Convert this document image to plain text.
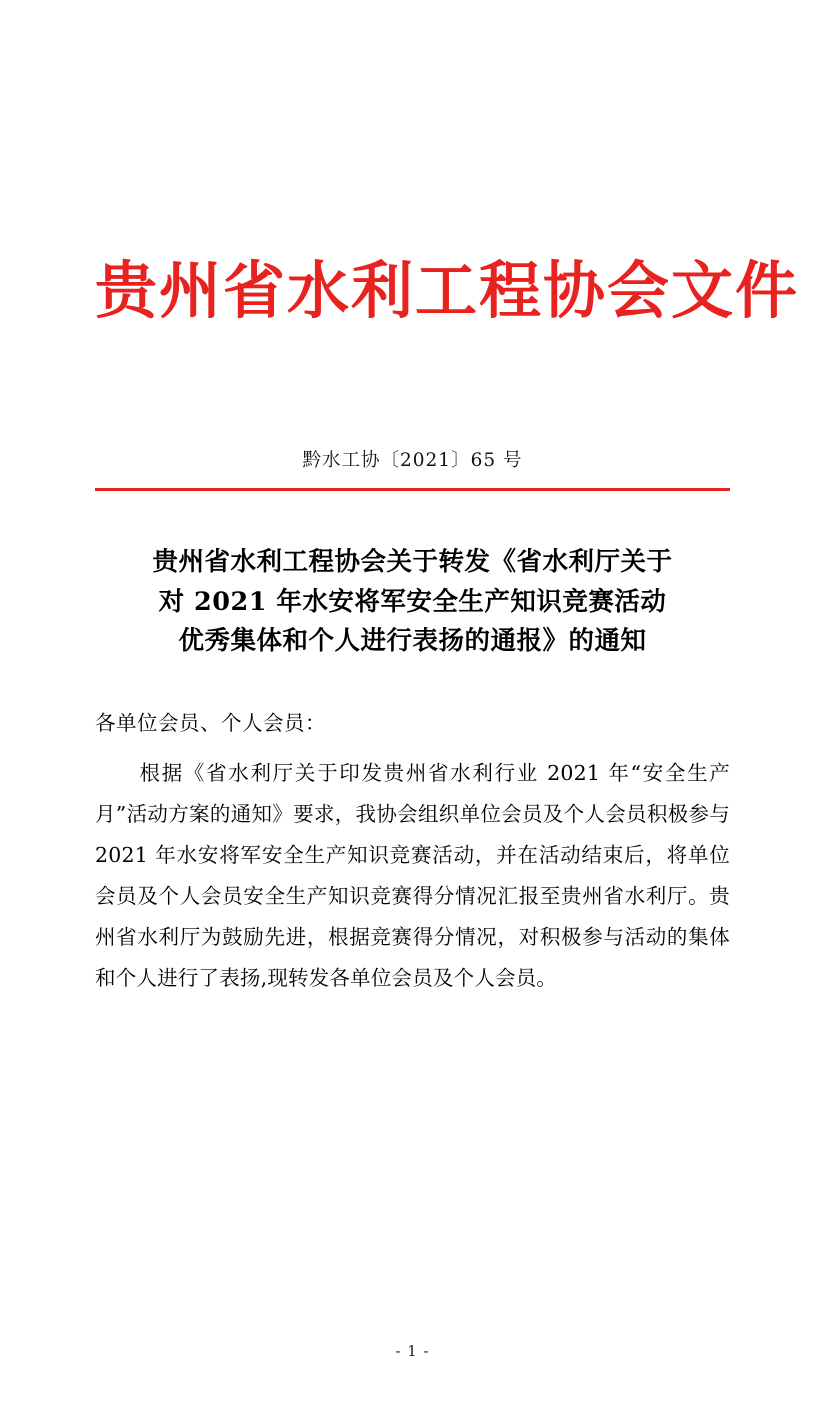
贵州省水利工程协会文件
黔水工协〔2021〕65 号
贵州省水利工程协会关于转发《省水利厅关于
对 2021 年水安将军安全生产知识竞赛活动
优秀集体和个人进行表扬的通报》的通知
各单位会员、个人会员：
根据《省水利厅关于印发贵州省水利行业 2021 年“安全生产月”活动方案的通知》要求，我协会组织单位会员及个人会员积极参与 2021 年水安将军安全生产知识竞赛活动，并在活动结束后，将单位会员及个人会员安全生产知识竞赛得分情况汇报至贵州省水利厅。贵州省水利厅为鼓励先进，根据竞赛得分情况，对积极参与活动的集体和个人进行了表扬,现转发各单位会员及个人会员。
- 1 -
